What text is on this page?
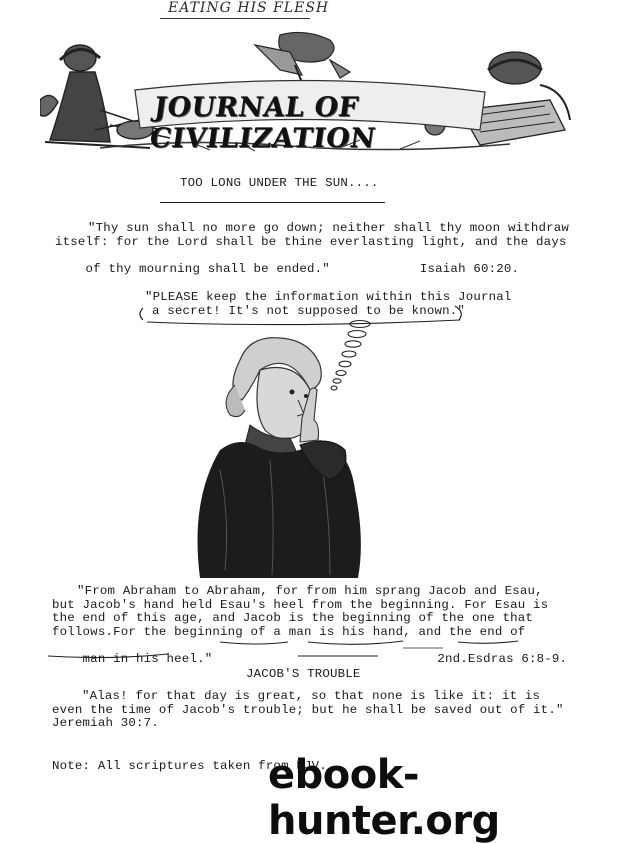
EATING HIS FLESH
JOURNAL OF CIVILIZATION
TOO LONG UNDER THE SUN....
"Thy sun shall no more go down; neither shall thy moon withdraw
itself: for the Lord shall be thine everlasting light, and the days

of thy mourning shall be ended."	Isaiah 60:20.

"PLEASE keep the information within this Journal
a secret! It's not supposed to be known."
"From Abraham to Abraham, for from him sprang Jacob and Esau,
but Jacob's hand held Esau's heel from the beginning. For Esau is
the end of this age, and Jacob is the beginning of the one that
follows.For the beginning of a man is his hand, and the end of

man in his heel."	2nd.Esdras 6:8-9.

JACOB'S TROUBLE
"Alas! for that day is great, so that none is like it: it is
even the time of Jacob's trouble; but he shall be saved out of it."
Jeremiah 30:7.
Note: All scriptures taken from KJV.
ebook-hunter.org
